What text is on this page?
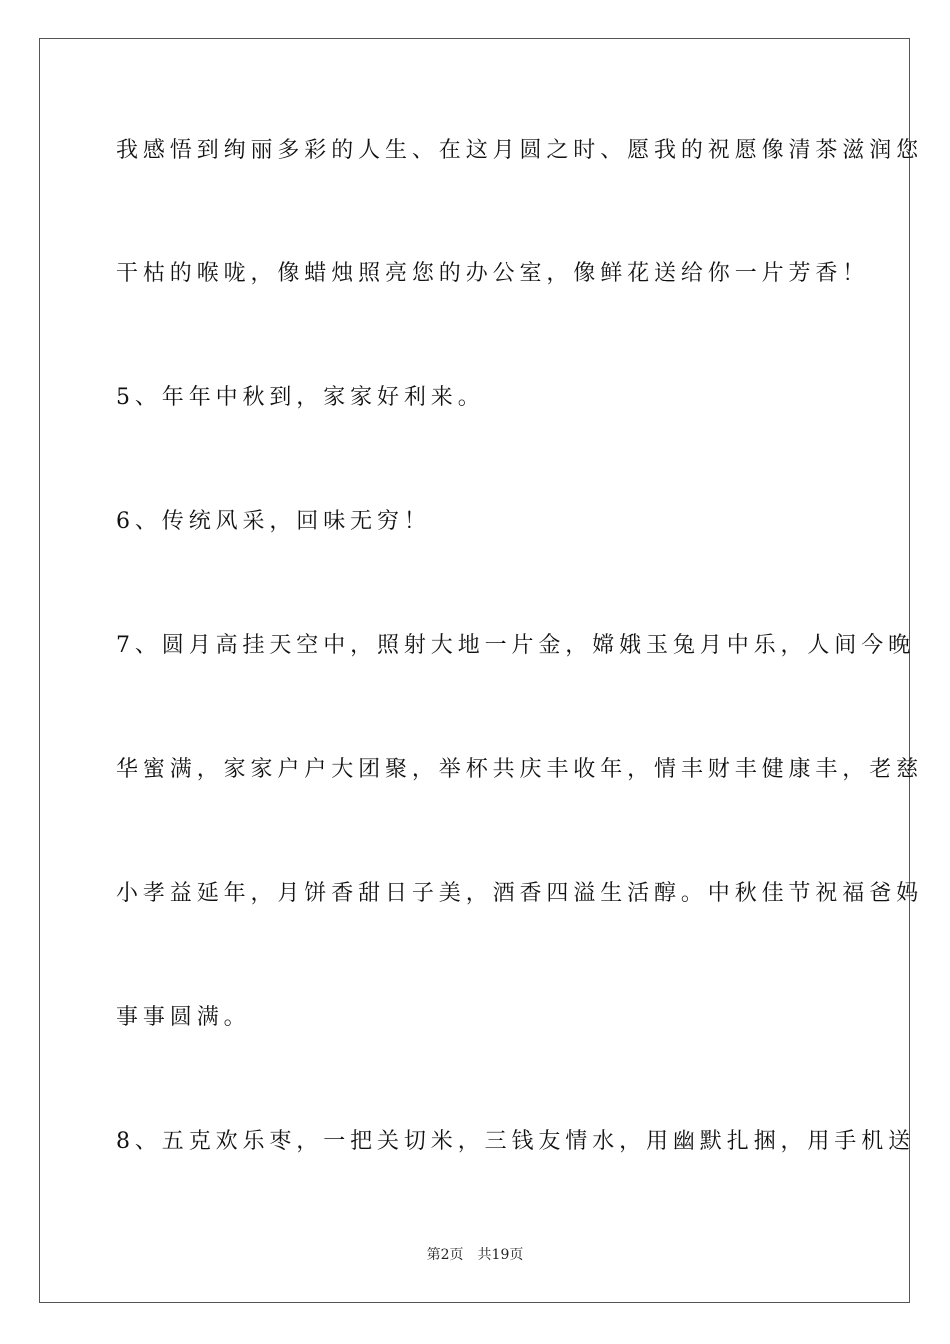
我感悟到绚丽多彩的人生、在这月圆之时、愿我的祝愿像清茶滋润您
干枯的喉咙，像蜡烛照亮您的办公室，像鲜花送给你一片芳香！
5、年年中秋到，家家好利来。
6、传统风采，回味无穷！
7、圆月高挂天空中，照射大地一片金，嫦娥玉兔月中乐，人间今晚
华蜜满，家家户户大团聚，举杯共庆丰收年，情丰财丰健康丰，老慈
小孝益延年，月饼香甜日子美，酒香四溢生活醇。中秋佳节祝福爸妈
事事圆满。
8、五克欢乐枣，一把关切米，三钱友情水，用幽默扎捆，用手机送
第2页 共19页
